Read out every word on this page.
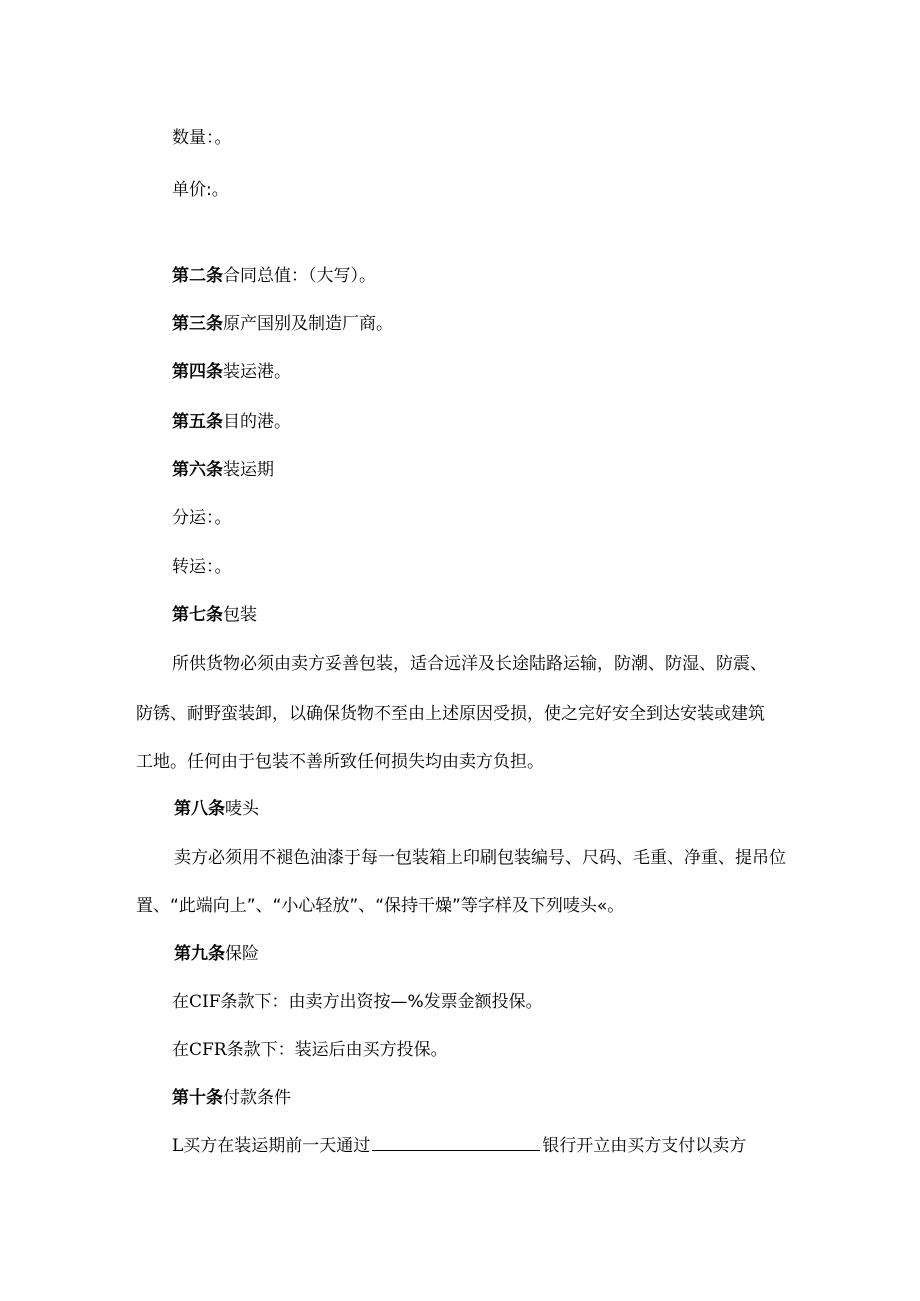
数量：。
单价:。
第二条合同总值：（大写）。
第三条原产国别及制造厂商。
第四条装运港。
第五条目的港。
第六条装运期
分运：。
转运：。
第七条包装
所供货物必须由卖方妥善包装，适合远洋及长途陆路运输，防潮、防湿、防震、
防锈、耐野蛮装卸，以确保货物不至由上述原因受损，使之完好安全到达安装或建筑
工地。任何由于包装不善所致任何损失均由卖方负担。
第八条唛头
卖方必须用不褪色油漆于每一包装箱上印刷包装编号、尺码、毛重、净重、提吊位
置、“此端向上”、“小心轻放”、“保持干燥”等字样及下列唛头«。
第九条保险
在CIF条款下：由卖方出资按—%发票金额投保。
在CFR条款下：装运后由买方投保。
第十条付款条件
L买方在装运期前一天通过	银行开立由买方支付以卖方
